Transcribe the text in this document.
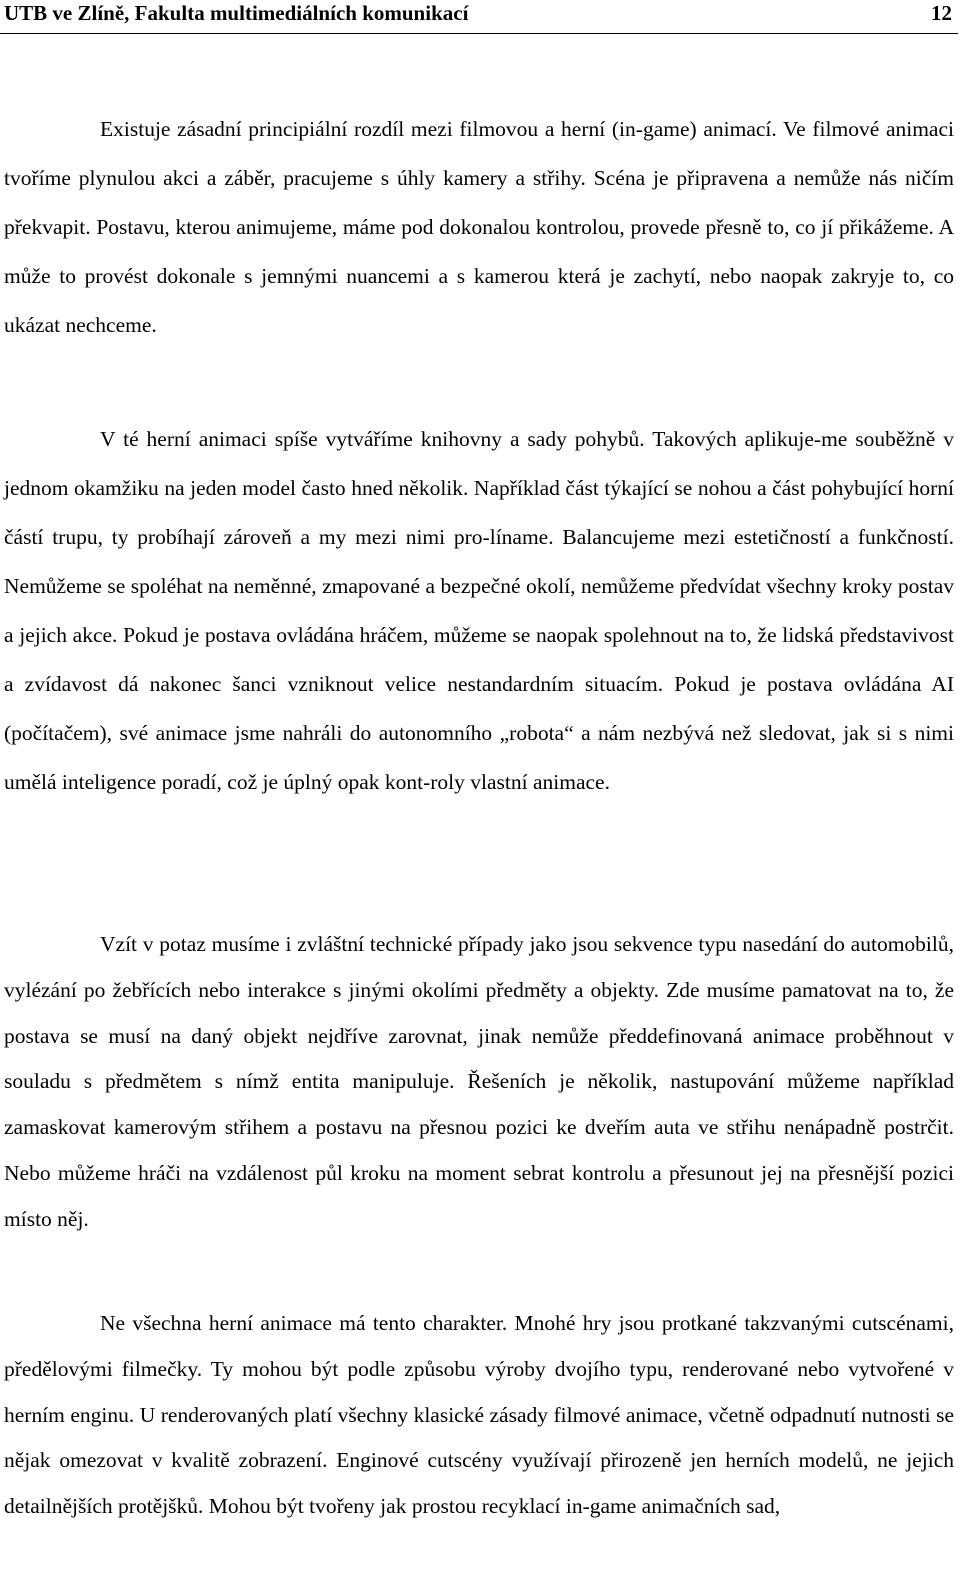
UTB ve Zlíně, Fakulta multimediálních komunikací	12

Existuje zásadní principiální rozdíl mezi filmovou a herní (in-game) animací. Ve filmové animaci tvoříme plynulou akci a záběr, pracujeme s úhly kamery a střihy. Scéna je připravena a nemůže nás ničím překvapit. Postavu, kterou animujeme, máme pod dokonalou kontrolou, provede přesně to, co jí přikážeme. A může to provést dokonale s jemnými nuancemi a s kamerou která je zachytí, nebo naopak zakryje to, co ukázat nechceme.

V té herní animaci spíše vytváříme knihovny a sady pohybů. Takových aplikuje-me souběžně v jednom okamžiku na jeden model často hned několik. Například část týkající se nohou a část pohybující horní částí trupu, ty probíhají zároveň a my mezi nimi pro-líname. Balancujeme mezi estetičností a funkčností. Nemůžeme se spoléhat na neměnné, zmapované a bezpečné okolí, nemůžeme předvídat všechny kroky postav a jejich akce. Pokud je postava ovládána hráčem, můžeme se naopak spolehnout na to, že lidská představivost a zvídavost dá nakonec šanci vzniknout velice nestandardním situacím. Pokud je postava ovládána AI (počítačem), své animace jsme nahráli do autonomního „robota“ a nám nezbývá než sledovat, jak si s nimi umělá inteligence poradí, což je úplný opak kont-roly vlastní animace.

Vzít v potaz musíme i zvláštní technické případy jako jsou sekvence typu nasedání do automobilů, vylézání po žebřících nebo interakce s jinými okolími předměty a objekty. Zde musíme pamatovat na to, že postava se musí na daný objekt nejdříve zarovnat, jinak nemůže předdefinovaná animace proběhnout v souladu s předmětem s nímž entita manipuluje. Řešeních je několik, nastupování můžeme například zamaskovat kamerovým střihem a postavu na přesnou pozici ke dveřím auta ve střihu nenápadně postrčit. Nebo můžeme hráči na vzdálenost půl kroku na moment sebrat kontrolu a přesunout jej na přesnější pozici místo něj.

Ne všechna herní animace má tento charakter. Mnohé hry jsou protkané takzvanými cutscénami, předělovými filmečky. Ty mohou být podle způsobu výroby dvojího typu, renderované nebo vytvořené v herním enginu. U renderovaných platí všechny klasické zásady filmové animace, včetně odpadnutí nutnosti se nějak omezovat v kvalitě zobrazení. Enginové cutscény využívají přirozeně jen herních modelů, ne jejich detailnějších protějšků. Mohou být tvořeny jak prostou recyklací in-game animačních sad,
